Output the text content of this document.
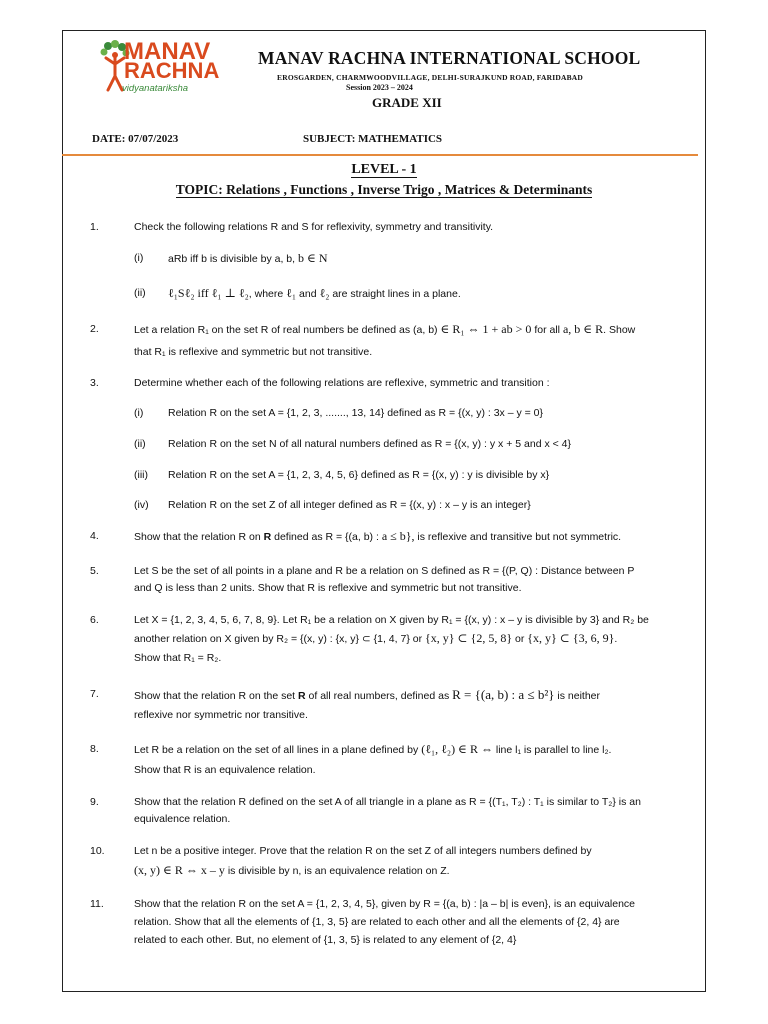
MANAV
RACHNA
vidyanatariksha
MANAV RACHNA INTERNATIONAL SCHOOL
EROSGARDEN, CHARMWOODVILLAGE, DELHI-SURAJKUND ROAD, FARIDABAD
Session 2023 – 2024
GRADE XII
DATE: 07/07/2023	SUBJECT: MATHEMATICS
LEVEL - 1
TOPIC: Relations , Functions , Inverse Trigo , Matrices & Determinants
1.	Check the following relations R and S for reflexivity, symmetry and transitivity.
(i) aRb iff b is divisible by a, b, b ∈ N
(ii) ℓ₁Sℓ₂ iff ℓ₁ ⊥ ℓ₂, where ℓ₁ and ℓ₂ are straight lines in a plane.
2.	Let a relation R₁ on the set R of real numbers be defined as (a, b) ∈ R₁ ⇔ 1 + ab > 0 for all a, b ∈ R. Show
that R₁ is reflexive and symmetric but not transitive.
3.	Determine whether each of the following relations are reflexive, symmetric and transition :
(i) Relation R on the set A = {1, 2, 3, ......., 13, 14} defined as R = {(x, y) : 3x – y = 0}
(ii) Relation R on the set N of all natural numbers defined as R = {(x, y) : y x + 5 and x < 4}
(iii) Relation R on the set A = {1, 2, 3, 4, 5, 6} defined as R = {(x, y) : y is divisible by x}
(iv) Relation R on the set Z of all integer defined as R = {(x, y) : x – y is an integer}
4.	Show that the relation R on R defined as R = {(a, b) : a ≤ b}, is reflexive and transitive but not symmetric.
5.	Let S be the set of all points in a plane and R be a relation on S defined as R = {(P, Q) : Distance between P
and Q is less than 2 units. Show that R is reflexive and symmetric but not transitive.
6.	Let X = {1, 2, 3, 4, 5, 6, 7, 8, 9}. Let R₁ be a relation on X given by R₁ = {(x, y) : x – y is divisible by 3} and R₂ be
another relation on X given by R₂ = {(x, y) : {x, y} ⊂ {1, 4, 7} or {x, y} ⊂ {2, 5, 8} or {x, y} ⊂ {3, 6, 9}.
Show that R₁ = R₂.
7.	Show that the relation R on the set R of all real numbers, defined as R = {(a, b) : a ≤ b²} is neither
reflexive nor symmetric nor transitive.
8.	Let R be a relation on the set of all lines in a plane defined by (ℓ₁, ℓ₂) ∈ R ⇔ line l₁ is parallel to line l₂.
Show that R is an equivalence relation.
9.	Show that the relation R defined on the set A of all triangle in a plane as R = {(T₁, T₂) : T₁ is similar to T₂} is an
equivalence relation.
10.	Let n be a positive integer. Prove that the relation R on the set Z of all integers numbers defined by
(x, y) ∈ R ⇔ x – y is divisible by n, is an equivalence relation on Z.
11.	Show that the relation R on the set A = {1, 2, 3, 4, 5}, given by R = {(a, b) : |a – b| is even}, is an equivalence
relation. Show that all the elements of {1, 3, 5} are related to each other and all the elements of {2, 4} are
related to each other. But, no element of {1, 3, 5} is related to any element of {2, 4}
